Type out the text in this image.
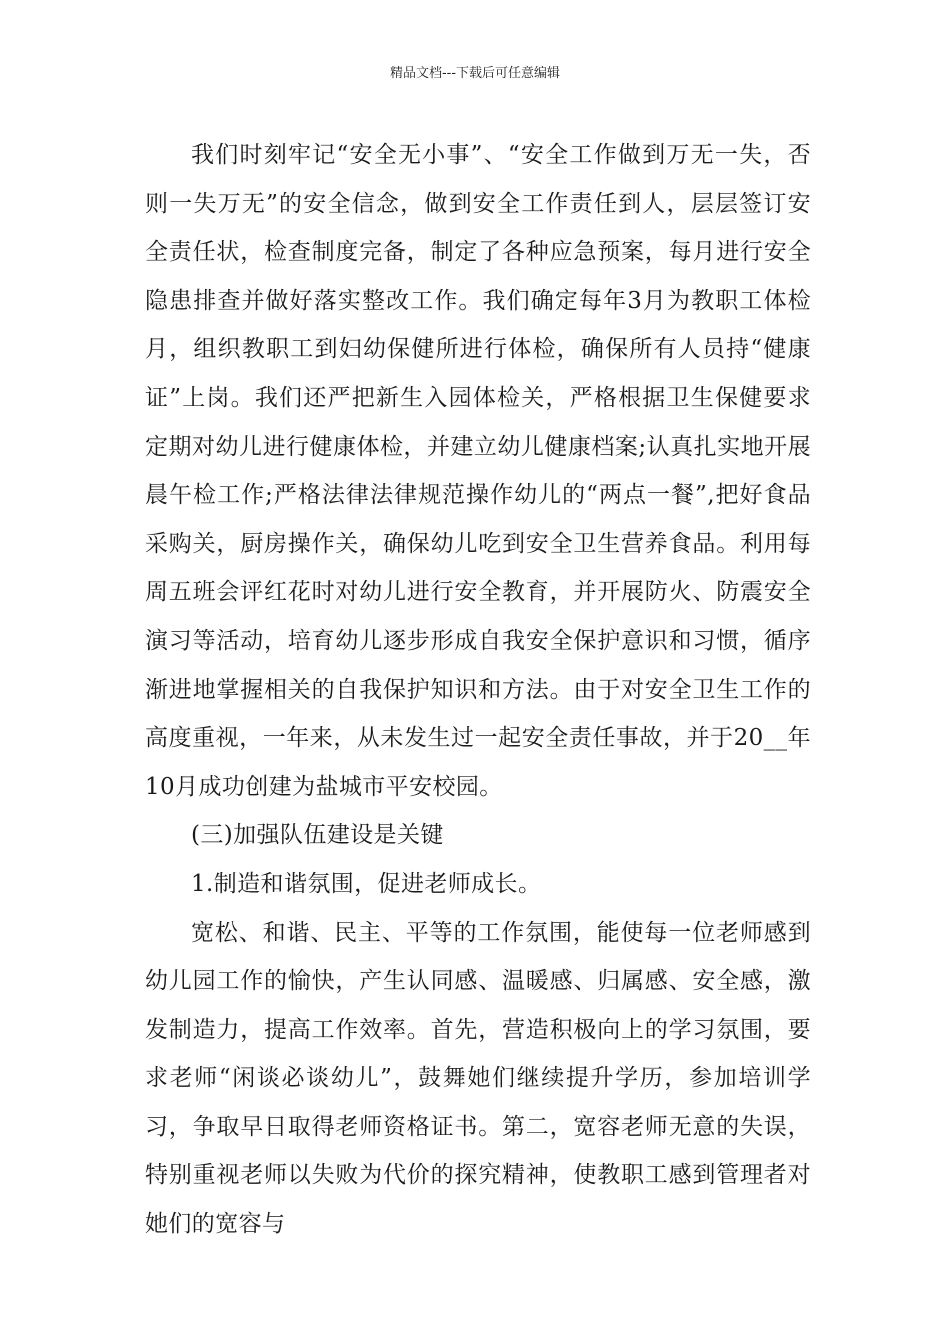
精品文档---下载后可任意编辑

我们时刻牢记“安全无小事”、“安全工作做到万无一失，否则一失万无”的安全信念，做到安全工作责任到人，层层签订安全责任状，检查制度完备，制定了各种应急预案，每月进行安全隐患排查并做好落实整改工作。我们确定每年3月为教职工体检月，组织教职工到妇幼保健所进行体检，确保所有人员持“健康证”上岗。我们还严把新生入园体检关，严格根据卫生保健要求定期对幼儿进行健康体检，并建立幼儿健康档案;认真扎实地开展晨午检工作;严格法律法律规范操作幼儿的“两点一餐”,把好食品采购关，厨房操作关，确保幼儿吃到安全卫生营养食品。利用每周五班会评红花时对幼儿进行安全教育，并开展防火、防震安全演习等活动，培育幼儿逐步形成自我安全保护意识和习惯，循序渐进地掌握相关的自我保护知识和方法。由于对安全卫生工作的高度重视，一年来，从未发生过一起安全责任事故，并于20__年10月成功创建为盐城市平安校园。

(三)加强队伍建设是关键

1.制造和谐氛围，促进老师成长。

宽松、和谐、民主、平等的工作氛围，能使每一位老师感到幼儿园工作的愉快，产生认同感、温暖感、归属感、安全感，激发制造力，提高工作效率。首先，营造积极向上的学习氛围，要求老师“闲谈必谈幼儿”，鼓舞她们继续提升学历，参加培训学习，争取早日取得老师资格证书。第二，宽容老师无意的失误，特别重视老师以失败为代价的探究精神，使教职工感到管理者对她们的宽容与
